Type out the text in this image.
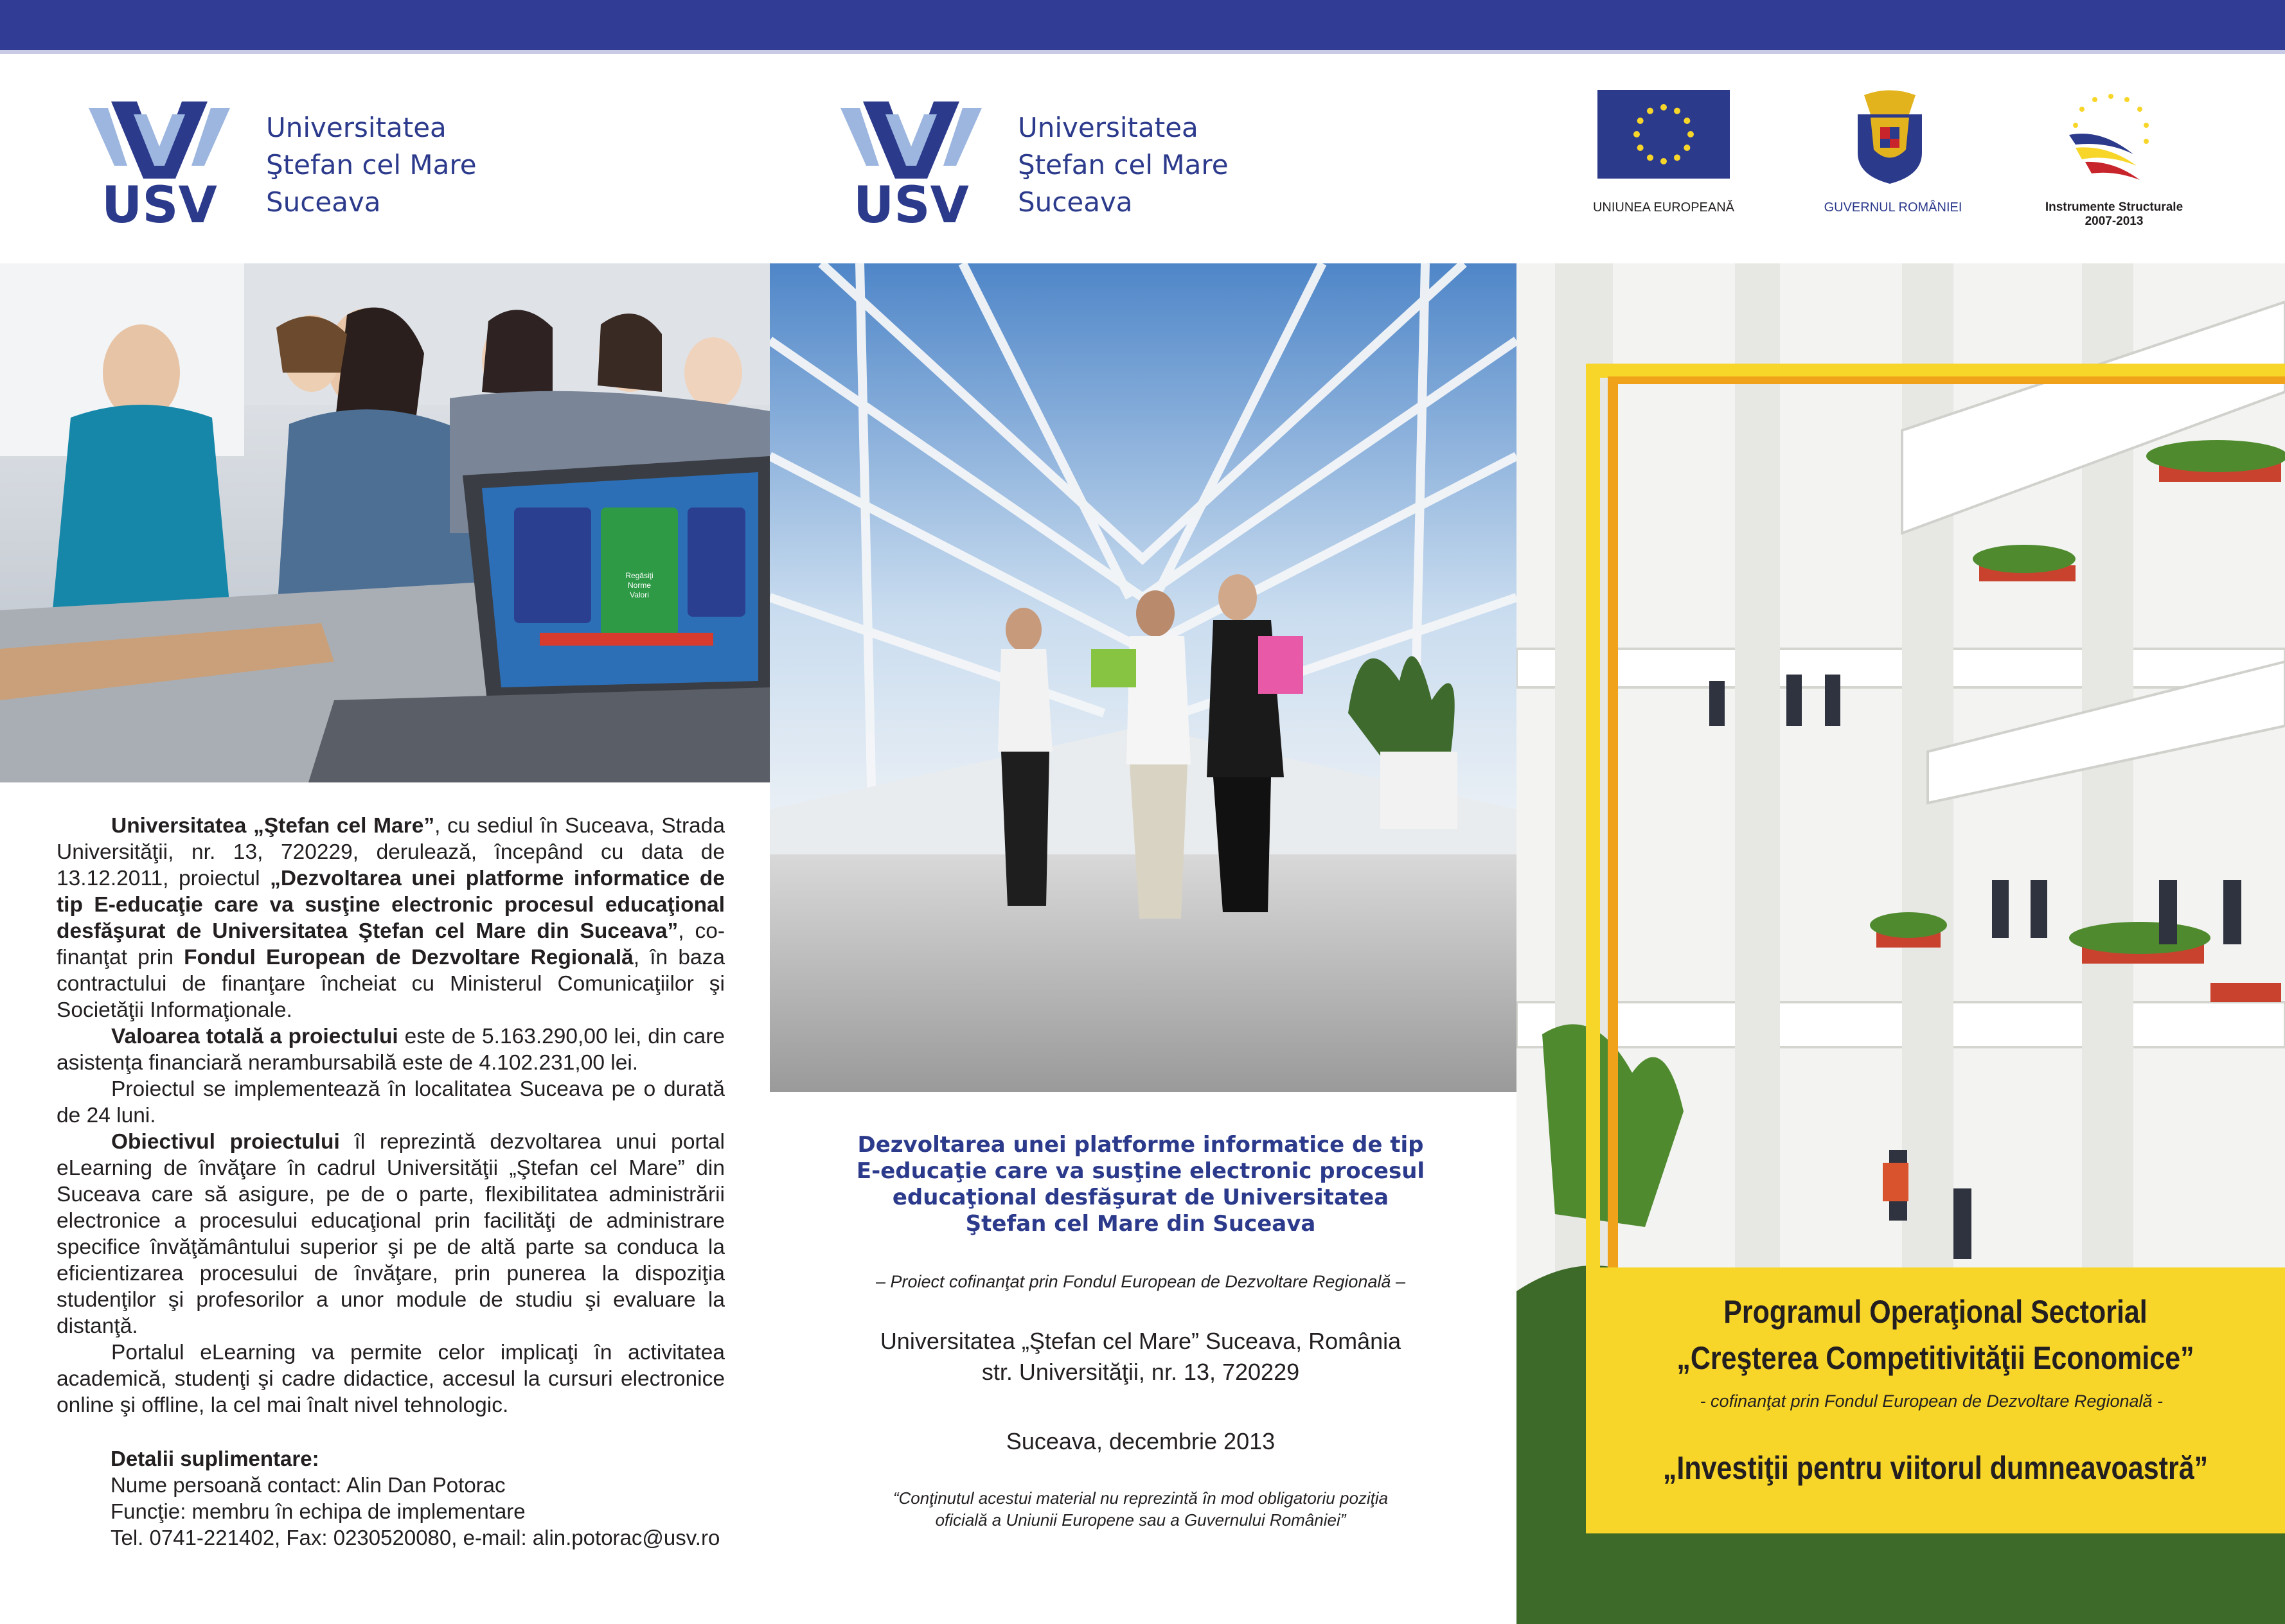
USV
Universitatea
Ştefan cel Mare
Suceava	USV
Universitatea
Ştefan cel Mare
Suceava	UNIUNEA EUROPEANĂ	GUVERNUL ROMÂNIEI	Instrumente Structurale
2007-2013
Regăsiţi
Norme
Valori
Programul Operaţional Sectorial
„Creşterea Competitivităţii Economice”
- cofinanţat prin Fondul European de Dezvoltare Regională -
„Investiţii pentru viitorul dumneavoastră”

Universitatea „Ştefan cel Mare”, cu sediul în Suceava, Strada Universităţii, nr. 13, 720229, derulează, începând cu data de 13.12.2011, proiectul „Dezvoltarea unei platforme informatice de tip E-educaţie care va susţine electronic procesul educaţional desfăşurat de Universitatea Ştefan cel Mare din Suceava”, co-finanţat prin Fondul European de Dezvoltare Regională, în baza contractului de finanţare încheiat cu Ministerul Comunicaţiilor şi Societăţii Informaţionale.

Valoarea totală a proiectului este de 5.163.290,00 lei, din care asistenţa financiară nerambursabilă este de 4.102.231,00 lei.

Proiectul se implementează în localitatea Suceava pe o durată de 24 luni.

Obiectivul proiectului îl reprezintă dezvoltarea unui portal eLearning de învăţare în cadrul Universităţii „Ştefan cel Mare” din Suceava care să asigure, pe de o parte, flexibilitatea administrării electronice a procesului educaţional prin facilităţi de administrare specifice învăţământului superior şi pe de altă parte sa conduca la eficientizarea procesului de învăţare, prin punerea la dispoziţia studenţilor şi profesorilor a unor module de studiu şi evaluare la distanţă.

Portalul eLearning va permite celor implicaţi în activitatea academică, studenţi şi cadre didactice, accesul la cursuri electronice online şi offline, la cel mai înalt nivel tehnologic.

Detalii suplimentare:
Nume persoană contact: Alin Dan Potorac
Funcţie: membru în echipa de implementare
Tel. 0741-221402, Fax: 0230520080, e-mail: alin.potorac@usv.ro
Dezvoltarea unei platforme informatice de tip
E-educaţie care va susţine electronic procesul
educaţional desfăşurat de Universitatea
Ştefan cel Mare din Suceava
– Proiect cofinanţat prin Fondul European de Dezvoltare Regională –
Universitatea „Ştefan cel Mare” Suceava, România
str. Universităţii, nr. 13, 720229
Suceava, decembrie 2013
“Conţinutul acestui material nu reprezintă în mod obligatoriu poziţia
oficială a Uniunii Europene sau a Guvernului României”
